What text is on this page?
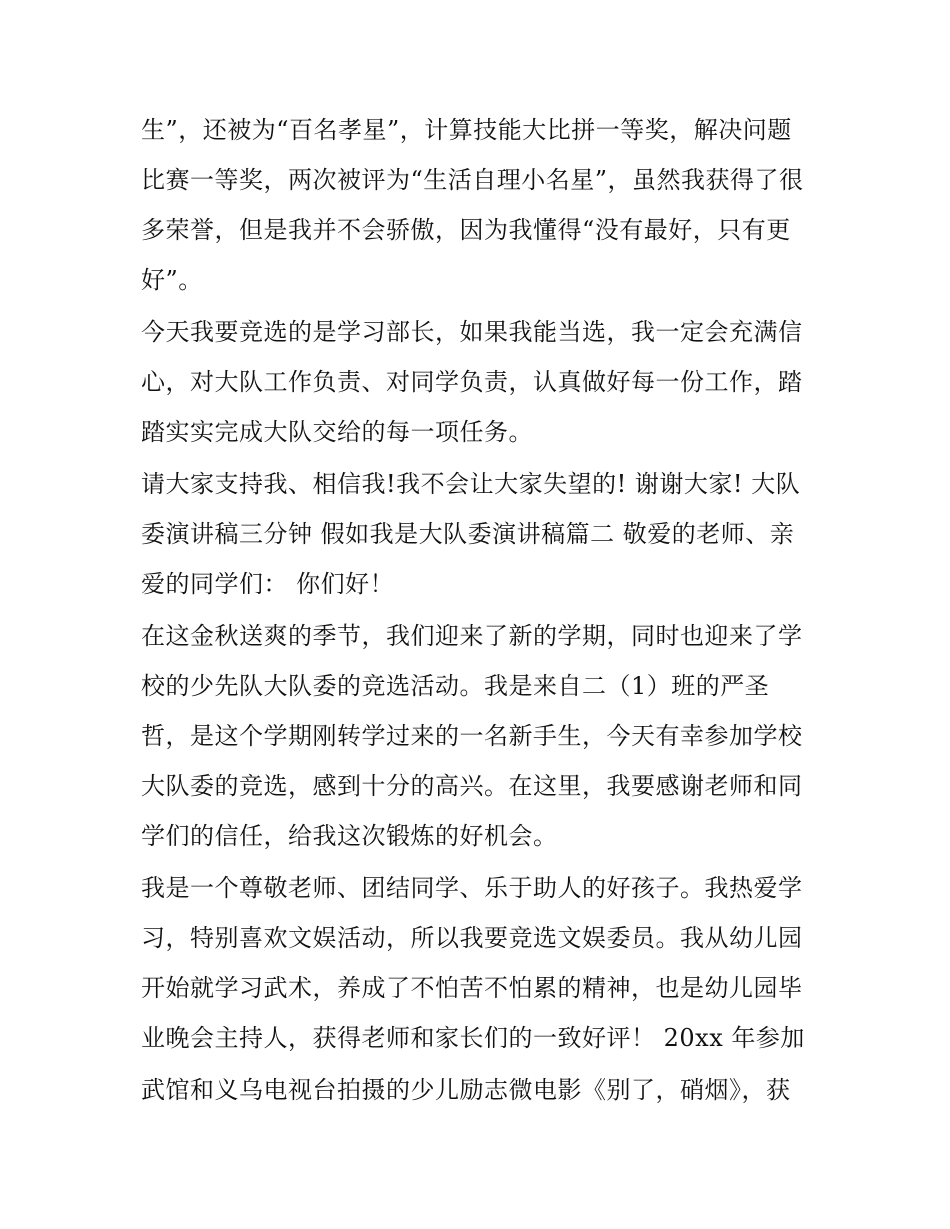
生”，还被为“百名孝星”，计算技能大比拼一等奖，解决问题
比赛一等奖，两次被评为“生活自理小名星”，虽然我获得了很
多荣誉，但是我并不会骄傲，因为我懂得“没有最好，只有更
好”。
今天我要竞选的是学习部长，如果我能当选，我一定会充满信
心，对大队工作负责、对同学负责，认真做好每一份工作，踏
踏实实完成大队交给的每一项任务。
请大家支持我、相信我!我不会让大家失望的! 谢谢大家! 大队
委演讲稿三分钟 假如我是大队委演讲稿篇二 敬爱的老师、亲
爱的同学们： 你们好！
在这金秋送爽的季节，我们迎来了新的学期，同时也迎来了学
校的少先队大队委的竞选活动。我是来自二（1）班的严圣
哲，是这个学期刚转学过来的一名新手生，今天有幸参加学校
大队委的竞选，感到十分的高兴。在这里，我要感谢老师和同
学们的信任，给我这次锻炼的好机会。
我是一个尊敬老师、团结同学、乐于助人的好孩子。我热爱学
习，特别喜欢文娱活动，所以我要竞选文娱委员。我从幼儿园
开始就学习武术，养成了不怕苦不怕累的精神，也是幼儿园毕
业晚会主持人，获得老师和家长们的一致好评！ 20xx 年参加
武馆和义乌电视台拍摄的少儿励志微电影《别了，硝烟》，获
